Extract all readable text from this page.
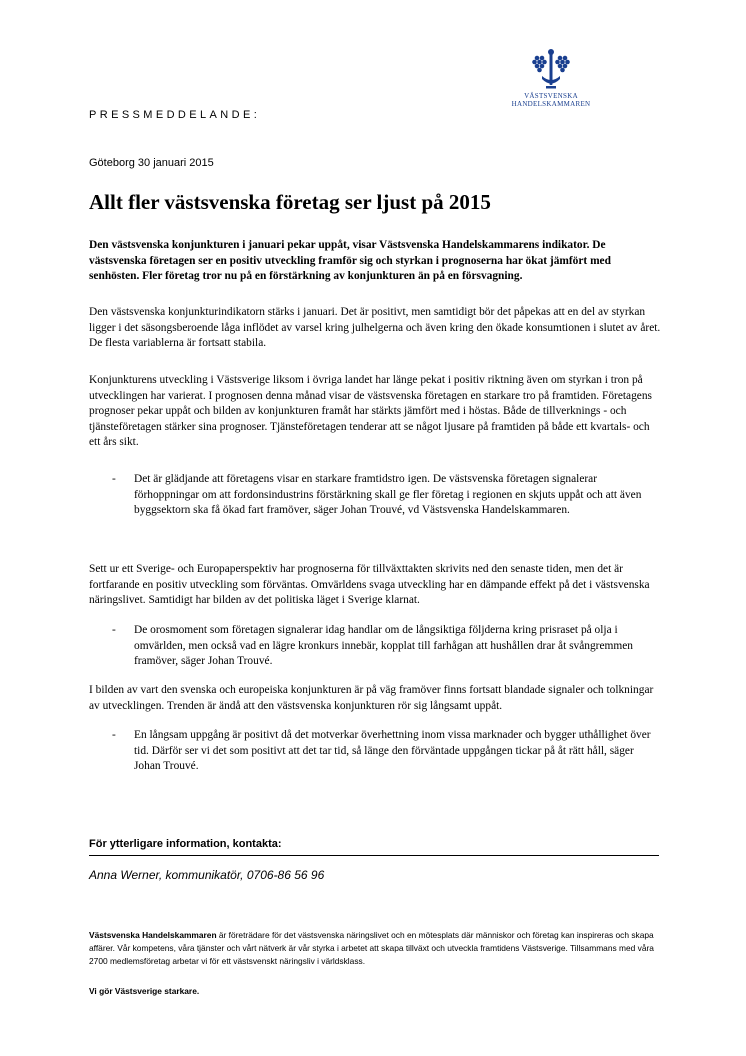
VÄSTSVENSKA
HANDELSKAMMAREN
PRESSMEDDELANDE:
Göteborg 30 januari 2015
Allt fler västsvenska företag ser ljust på 2015

Den västsvenska konjunkturen i januari pekar uppåt, visar Västsvenska Handelskammarens indikator. De västsvenska företagen ser en positiv utveckling framför sig och styrkan i prognoserna har ökat jämfört med senhösten. Fler företag tror nu på en förstärkning av konjunkturen än på en försvagning.

Den västsvenska konjunkturindikatorn stärks i januari. Det är positivt, men samtidigt bör det påpekas att en del av styrkan ligger i det säsongsberoende låga inflödet av varsel kring julhelgerna och även kring den ökade konsumtionen i slutet av året. De flesta variablerna är fortsatt stabila.

Konjunkturens utveckling i Västsverige liksom i övriga landet har länge pekat i positiv riktning även om styrkan i tron på utvecklingen har varierat. I prognosen denna månad visar de västsvenska företagen en starkare tro på framtiden. Företagens prognoser pekar uppåt och bilden av konjunkturen framåt har stärkts jämfört med i höstas. Både de tillverknings - och tjänsteföretagen stärker sina prognoser. Tjänsteföretagen tenderar att se något ljusare på framtiden på både ett kvartals- och ett års sikt.

- Det är glädjande att företagens visar en starkare framtidstro igen. De västsvenska företagen signalerar förhoppningar om att fordonsindustrins förstärkning skall ge fler företag i regionen en skjuts uppåt och att även byggsektorn ska få ökad fart framöver, säger Johan Trouvé, vd Västsvenska Handelskammaren.

Sett ur ett Sverige- och Europaperspektiv har prognoserna för tillväxttakten skrivits ned den senaste tiden, men det är fortfarande en positiv utveckling som förväntas. Omvärldens svaga utveckling har en dämpande effekt på det i västsvenska näringslivet. Samtidigt har bilden av det politiska läget i Sverige klarnat.

- De orosmoment som företagen signalerar idag handlar om de långsiktiga följderna kring prisraset på olja i omvärlden, men också vad en lägre kronkurs innebär, kopplat till farhågan att hushållen drar åt svångremmen framöver, säger Johan Trouvé.

I bilden av vart den svenska och europeiska konjunkturen är på väg framöver finns fortsatt blandade signaler och tolkningar av utvecklingen. Trenden är ändå att den västsvenska konjunkturen rör sig långsamt uppåt.

- En långsam uppgång är positivt då det motverkar överhettning inom vissa marknader och bygger uthållighet över tid. Därför ser vi det som positivt att det tar tid, så länge den förväntade uppgången tickar på åt rätt håll, säger Johan Trouvé.
För ytterligare information, kontakta:
Anna Werner, kommunikatör, 0706-86 56 96

Västsvenska Handelskammaren är företrädare för det västsvenska näringslivet och en mötesplats där människor och företag kan inspireras och skapa affärer. Vår kompetens, våra tjänster och vårt nätverk är vår styrka i arbetet att skapa tillväxt och utveckla framtidens Västsverige. Tillsammans med våra 2700 medlemsföretag arbetar vi för ett västsvenskt näringsliv i världsklass.

Vi gör Västsverige starkare.
